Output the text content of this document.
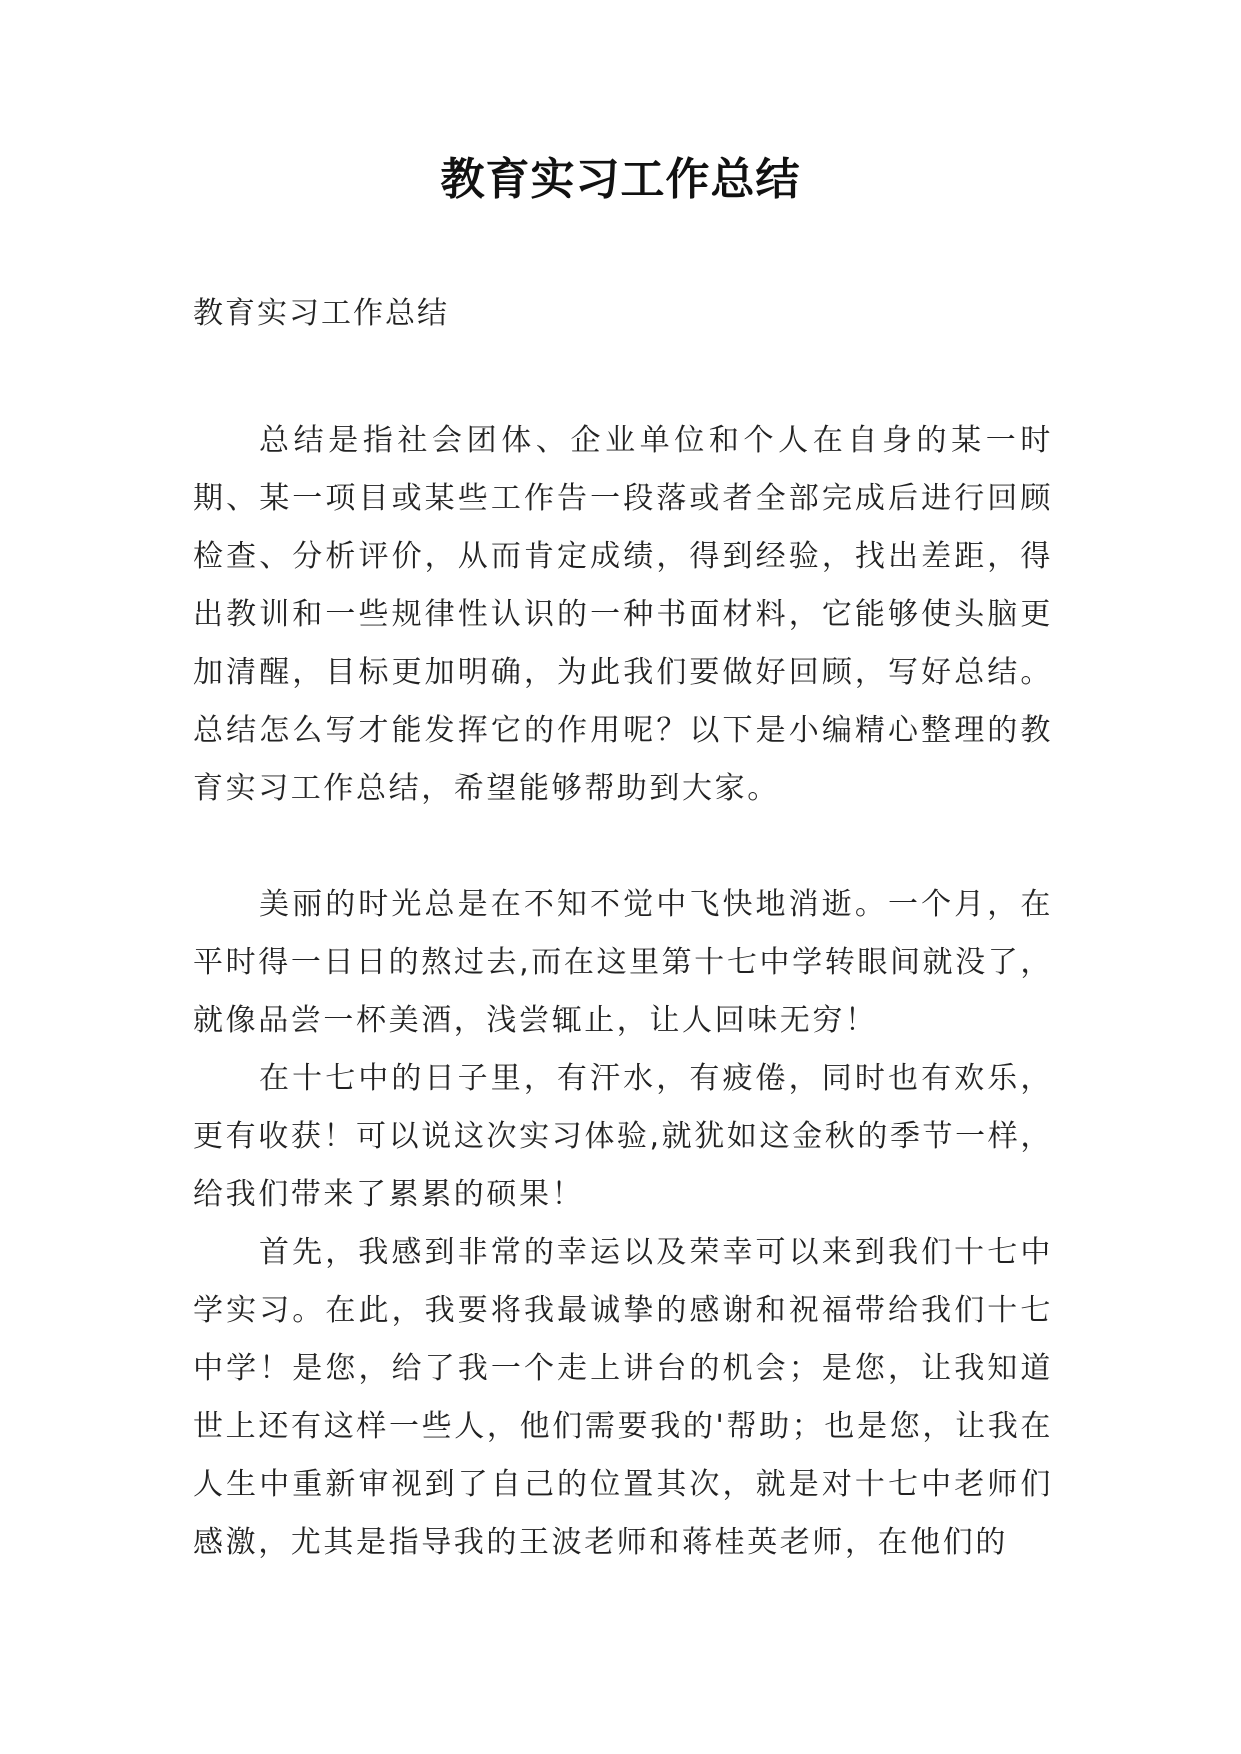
教育实习工作总结
教育实习工作总结

总结是指社会团体、企业单位和个人在自身的某一时期、某一项目或某些工作告一段落或者全部完成后进行回顾检查、分析评价，从而肯定成绩，得到经验，找出差距，得出教训和一些规律性认识的一种书面材料，它能够使头脑更加清醒，目标更加明确，为此我们要做好回顾，写好总结。总结怎么写才能发挥它的作用呢？以下是小编精心整理的教育实习工作总结，希望能够帮助到大家。

美丽的时光总是在不知不觉中飞快地消逝。一个月，在平时得一日日的熬过去,而在这里第十七中学转眼间就没了，就像品尝一杯美酒，浅尝辄止，让人回味无穷！

在十七中的日子里，有汗水，有疲倦，同时也有欢乐，更有收获！可以说这次实习体验,就犹如这金秋的季节一样，给我们带来了累累的硕果！

首先，我感到非常的幸运以及荣幸可以来到我们十七中学实习。在此，我要将我最诚挚的感谢和祝福带给我们十七中学！是您，给了我一个走上讲台的机会；是您，让我知道世上还有这样一些人，他们需要我的'帮助；也是您，让我在人生中重新审视到了自己的位置其次，就是对十七中老师们感激，尤其是指导我的王波老师和蒋桂英老师，在他们的
